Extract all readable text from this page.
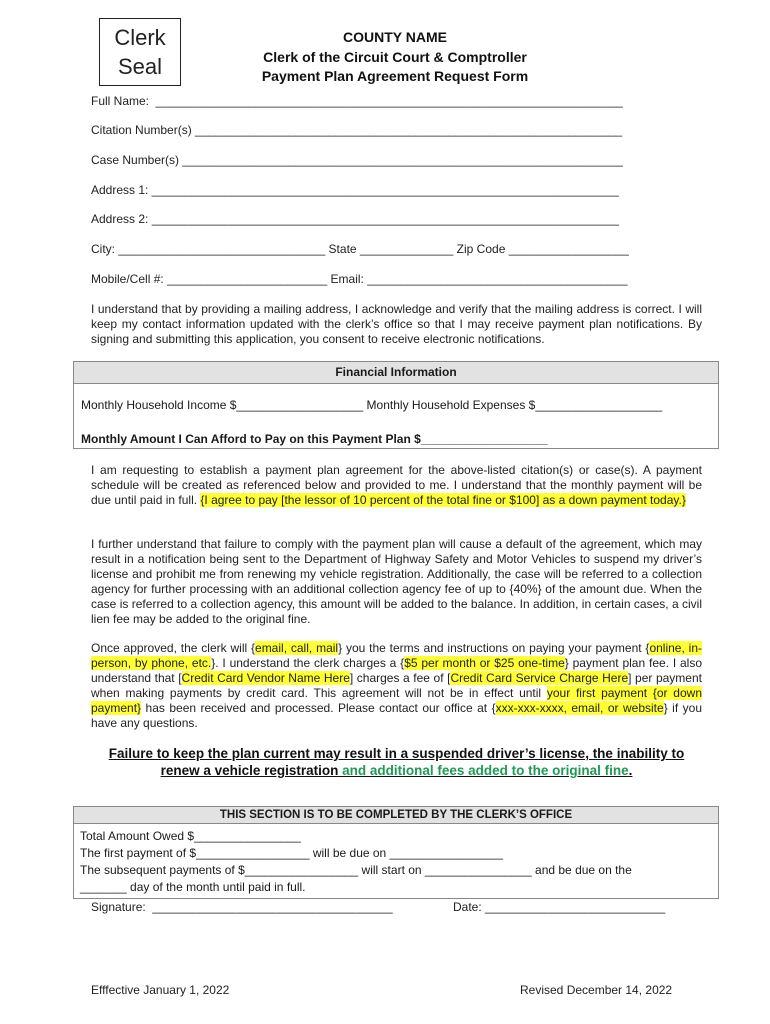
Clerk
Seal
COUNTY NAME
Clerk of the Circuit Court & Comptroller
Payment Plan Agreement Request Form
Full Name:  ______________________________________________________________________
Citation Number(s) ________________________________________________________________
Case Number(s) __________________________________________________________________
Address 1: ______________________________________________________________________
Address 2: ______________________________________________________________________
City: _______________________________ State ______________ Zip Code __________________
Mobile/Cell #: ________________________ Email: _______________________________________
I understand that by providing a mailing address, I acknowledge and verify that the mailing address is correct. I will keep my contact information updated with the clerk’s office so that I may receive payment plan notifications. By signing and submitting this application, you consent to receive electronic notifications.
Financial Information
Monthly Household Income $___________________ Monthly Household Expenses $___________________
Monthly Amount I Can Afford to Pay on this Payment Plan $___________________
I am requesting to establish a payment plan agreement for the above-listed citation(s) or case(s). A payment schedule will be created as referenced below and provided to me. I understand that the monthly payment will be due until paid in full. {I agree to pay [the lessor of 10 percent of the total fine or $100] as a down payment today.}
I further understand that failure to comply with the payment plan will cause a default of the agreement, which may result in a notification being sent to the Department of Highway Safety and Motor Vehicles to suspend my driver’s license and prohibit me from renewing my vehicle registration. Additionally, the case will be referred to a collection agency for further processing with an additional collection agency fee of up to {40%} of the amount due. When the case is referred to a collection agency, this amount will be added to the balance. In addition, in certain cases, a civil lien fee may be added to the original fine.
Once approved, the clerk will {email, call, mail} you the terms and instructions on paying your payment {online, in-person, by phone, etc.}. I understand the clerk charges a {$5 per month or $25 one-time} payment plan fee. I also understand that [Credit Card Vendor Name Here] charges a fee of [Credit Card Service Charge Here] per payment when making payments by credit card. This agreement will not be in effect until your first payment {or down payment} has been received and processed. Please contact our office at {xxx-xxx-xxxx, email, or website} if you have any questions.
Failure to keep the plan current may result in a suspended driver’s license, the inability to renew a vehicle registration and additional fees added to the original fine.
THIS SECTION IS TO BE COMPLETED BY THE CLERK’S OFFICE
Total Amount Owed $________________
The first payment of $_________________ will be due on _________________
The subsequent payments of $_________________ will start on ________________ and be due on the
_______ day of the month until paid in full.
Signature:  ____________________________________	Date: ___________________________
Efffective January 1, 2022	Revised December 14, 2022
